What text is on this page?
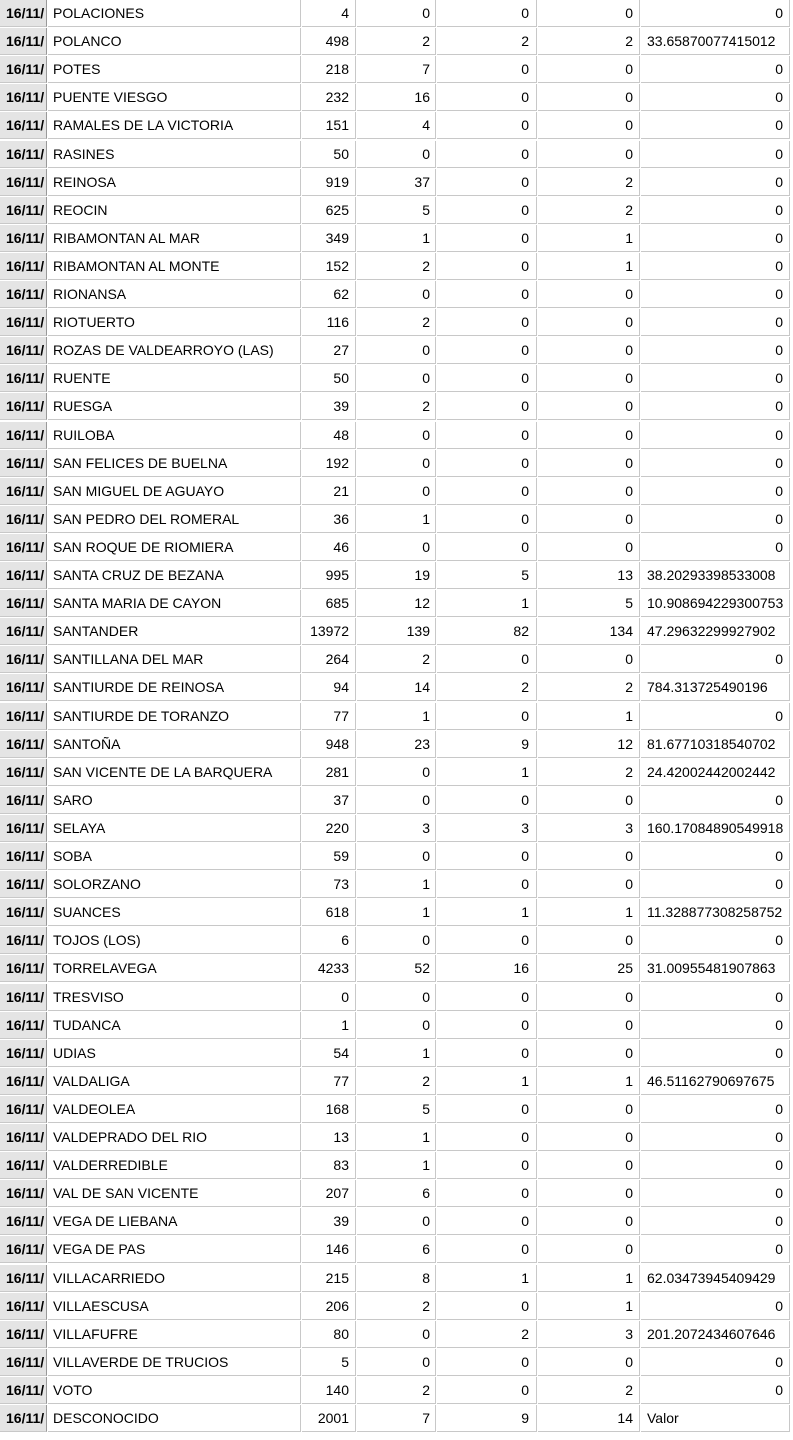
16/11/ POLACIONES	4	0	0	0	0
16/11/ POLANCO	498	2	2	2	33.65870077415012
16/11/ POTES	218	7	0	0	0
16/11/ PUENTE VIESGO	232	16	0	0	0
16/11/ RAMALES DE LA VICTORIA	151	4	0	0	0
16/11/ RASINES	50	0	0	0	0
16/11/ REINOSA	919	37	0	2	0
16/11/ REOCIN	625	5	0	2	0
16/11/ RIBAMONTAN AL MAR	349	1	0	1	0
16/11/ RIBAMONTAN AL MONTE	152	2	0	1	0
16/11/ RIONANSA	62	0	0	0	0
16/11/ RIOTUERTO	116	2	0	0	0
16/11/ ROZAS DE VALDEARROYO (LAS)	27	0	0	0	0
16/11/ RUENTE	50	0	0	0	0
16/11/ RUESGA	39	2	0	0	0
16/11/ RUILOBA	48	0	0	0	0
16/11/ SAN FELICES DE BUELNA	192	0	0	0	0
16/11/ SAN MIGUEL DE AGUAYO	21	0	0	0	0
16/11/ SAN PEDRO DEL ROMERAL	36	1	0	0	0
16/11/ SAN ROQUE DE RIOMIERA	46	0	0	0	0
16/11/ SANTA CRUZ DE BEZANA	995	19	5	13	38.20293398533008
16/11/ SANTA MARIA DE CAYON	685	12	1	5	10.908694229300753
16/11/ SANTANDER	13972	139	82	134	47.29632299927902
16/11/ SANTILLANA DEL MAR	264	2	0	0	0
16/11/ SANTIURDE DE REINOSA	94	14	2	2	784.313725490196
16/11/ SANTIURDE DE TORANZO	77	1	0	1	0
16/11/ SANTOÑA	948	23	9	12	81.67710318540702
16/11/ SAN VICENTE DE LA BARQUERA	281	0	1	2	24.42002442002442
16/11/ SARO	37	0	0	0	0
16/11/ SELAYA	220	3	3	3	160.17084890549918
16/11/ SOBA	59	0	0	0	0
16/11/ SOLORZANO	73	1	0	0	0
16/11/ SUANCES	618	1	1	1	11.328877308258752
16/11/ TOJOS (LOS)	6	0	0	0	0
16/11/ TORRELAVEGA	4233	52	16	25	31.00955481907863
16/11/ TRESVISO	0	0	0	0	0
16/11/ TUDANCA	1	0	0	0	0
16/11/ UDIAS	54	1	0	0	0
16/11/ VALDALIGA	77	2	1	1	46.51162790697675
16/11/ VALDEOLEA	168	5	0	0	0
16/11/ VALDEPRADO DEL RIO	13	1	0	0	0
16/11/ VALDERREDIBLE	83	1	0	0	0
16/11/ VAL DE SAN VICENTE	207	6	0	0	0
16/11/ VEGA DE LIEBANA	39	0	0	0	0
16/11/ VEGA DE PAS	146	6	0	0	0
16/11/ VILLACARRIEDO	215	8	1	1	62.03473945409429
16/11/ VILLAESCUSA	206	2	0	1	0
16/11/ VILLAFUFRE	80	0	2	3	201.2072434607646
16/11/ VILLAVERDE DE TRUCIOS	5	0	0	0	0
16/11/ VOTO	140	2	0	2	0
16/11/ DESCONOCIDO	2001	7	9	14	Valor
